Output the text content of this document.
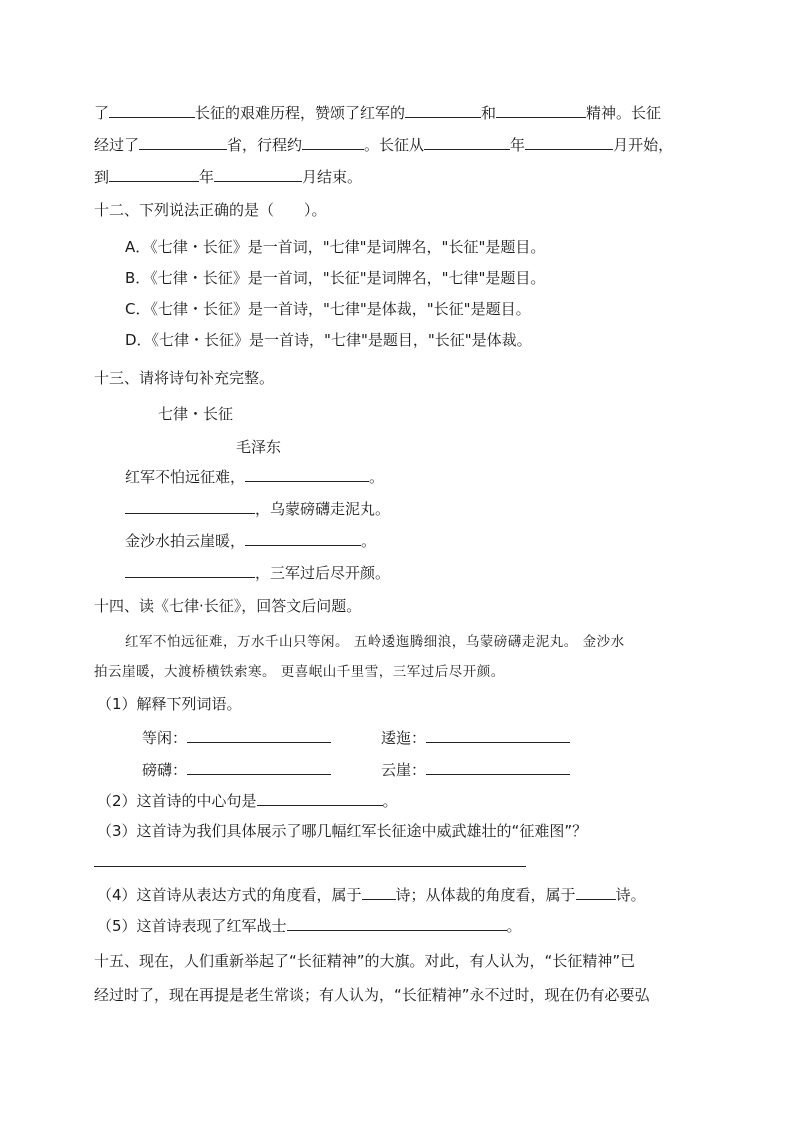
了	长征的艰难历程，赞颂了红军的	和	精神。长征
经过了	省，行程约	。长征从	年	月开始，
到	年	月结束。
十二、下列说法正确的是（　　）。
A．《七律・长征》是一首词，"七律"是词牌名，"长征"是题目。
B．《七律・长征》是一首词，"长征"是词牌名，"七律"是题目。
C．《七律・长征》是一首诗，"七律"是体裁，"长征"是题目。
D．《七律・长征》是一首诗，"七律"是题目，"长征"是体裁。
十三、请将诗句补充完整。
七律・长征
毛泽东
红军不怕远征难，	。
，乌蒙磅礴走泥丸。
金沙水拍云崖暖，	。
，三军过后尽开颜。
十四、读《七律·长征》，回答文后问题。
红军不怕远征难，万水千山只等闲。 五岭逶迤腾细浪，乌蒙磅礴走泥丸。 金沙水
拍云崖暖，大渡桥横铁索寒。 更喜岷山千里雪，三军过后尽开颜。
（1）解释下列词语。
等闲：	逶迤：
磅礴：	云崖：
（2）这首诗的中心句是	。
（3）这首诗为我们具体展示了哪几幅红军长征途中威武雄壮的“征难图”？
（4）这首诗从表达方式的角度看，属于 诗；从体裁的角度看，属于	诗。
（5）这首诗表现了红军战士	。
十五、现在，人们重新举起了“长征精神”的大旗。对此，有人认为，“长征精神”已
经过时了，现在再提是老生常谈；有人认为，“长征精神”永不过时，现在仍有必要弘
